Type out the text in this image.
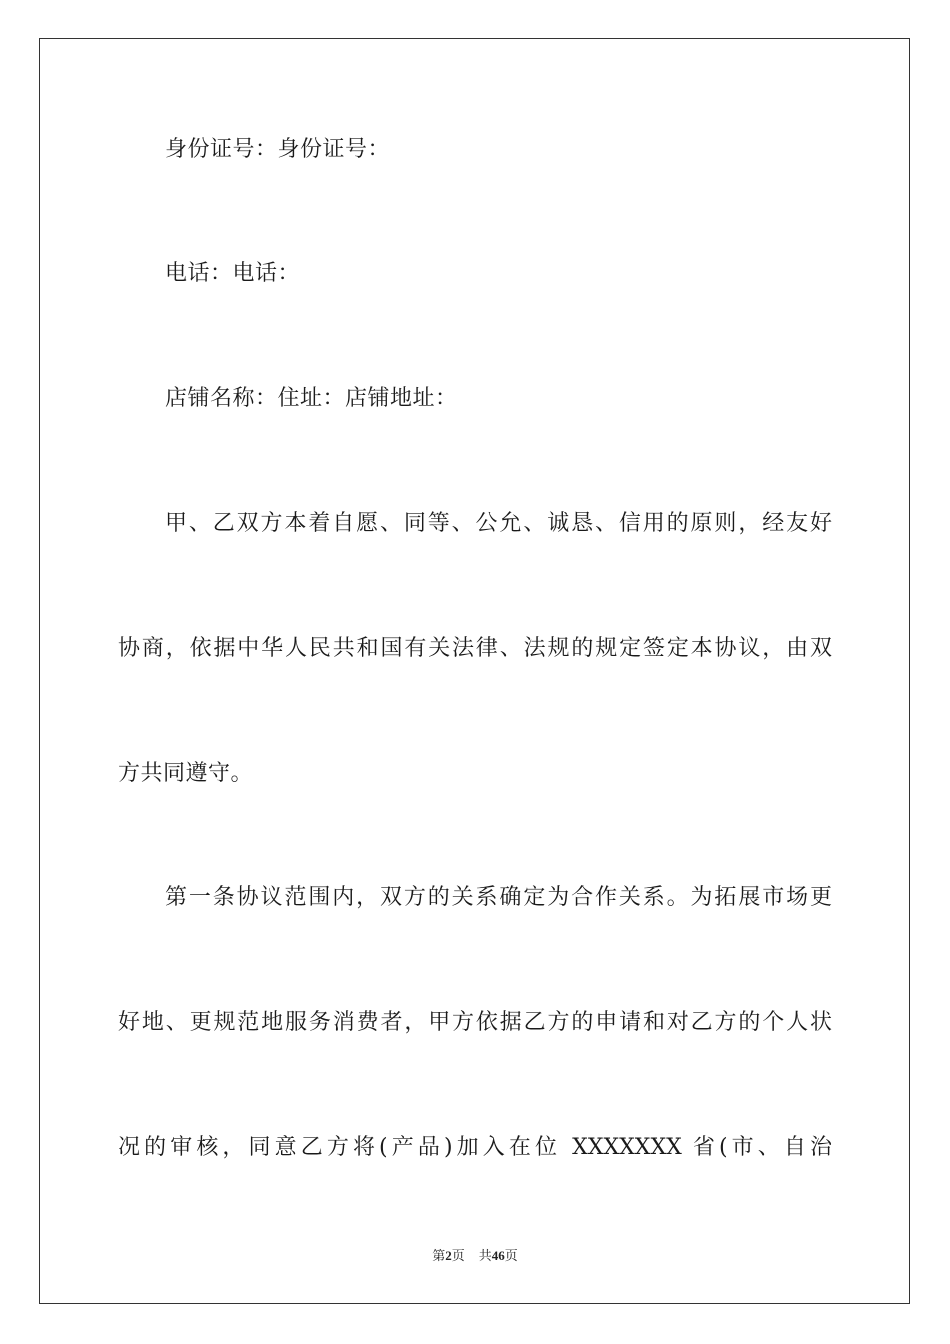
身份证号：身份证号：
电话：电话：
店铺名称：住址：店铺地址：
甲、乙双方本着自愿、同等、公允、诚恳、信用的原则，经友好
协商，依据中华人民共和国有关法律、法规的规定签定本协议，由双
方共同遵守。
第一条协议范围内，双方的关系确定为合作关系。为拓展市场更
好地、更规范地服务消费者，甲方依据乙方的申请和对乙方的个人状
况的审核，同意乙方将(产品)加入在位 XXXXXXX 省(市、自治
第2页 共46页
